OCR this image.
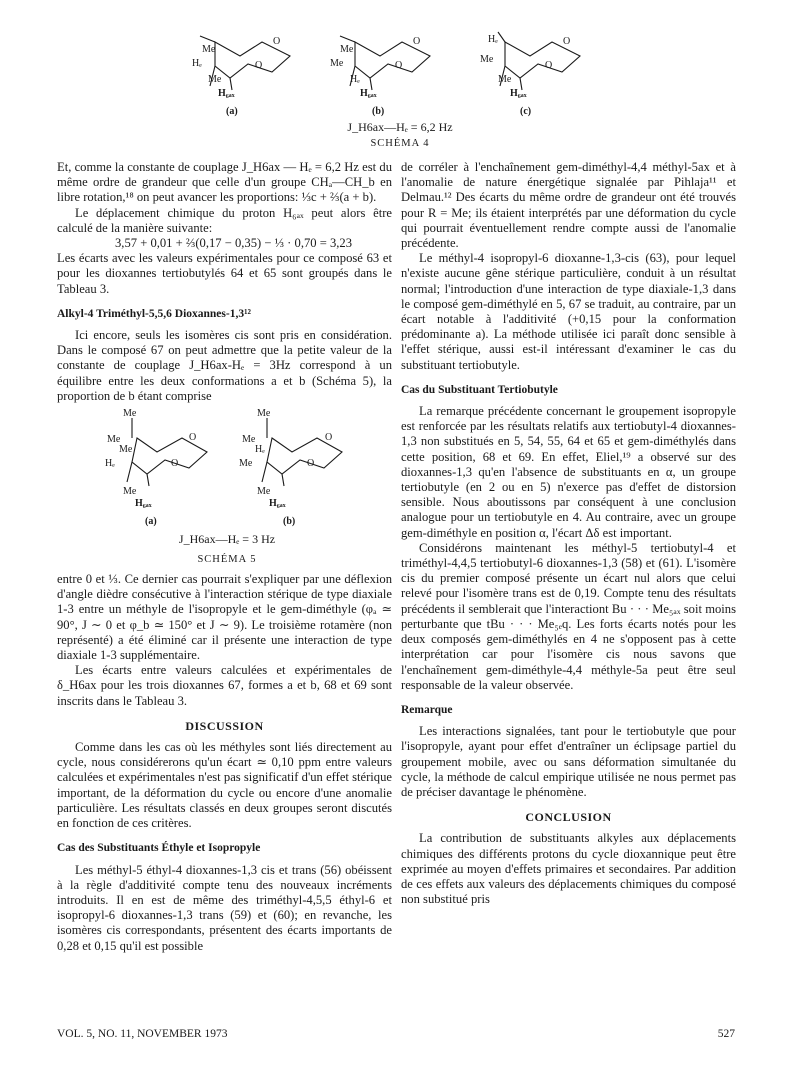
Me
Hₑ
Me
H₆ₐₓ
O
O
Me
Me
Hₑ
H₆ₐₓ
O
O
Hₑ
Me
Me
H₆ₐₓ
O
O
(a)	(b)	(c)
J_H6ax—Hₑ = 6,2 Hz
SCHÉMA 4

Et, comme la constante de couplage J_H6ax — Hₑ = 6,2 Hz est du même ordre de grandeur que celle d'un groupe CHₐ—CH_b en libre rotation,¹⁸ on peut avancer les proportions: ⅓c + ⅔(a + b).

Le déplacement chimique du proton H₆ₐₓ peut alors être calculé de la manière suivante:

3,57 + 0,01 + ⅔(0,17 − 0,35) − ⅓ · 0,70 = 3,23

Les écarts avec les valeurs expérimentales pour ce composé 63 et pour les dioxannes tertiobutylés 64 et 65 sont groupés dans le Tableau 3.

Alkyl-4 Triméthyl-5,5,6 Dioxannes-1,3¹²

Ici encore, seuls les isomères cis sont pris en considération. Dans le composé 67 on peut admettre que la petite valeur de la constante de couplage J_H6ax-Hₑ = 3Hz correspond à un équilibre entre les deux conformations a et b (Schéma 5), la proportion de b étant comprise

Me
Me
Me
Hₑ
Me
H₆ₐₓ
O
O
Me
Me
Hₑ
Me
Me
H₆ₐₓ
O
O
(a)	(b)
J_H6ax—Hₑ = 3 Hz
SCHÉMA 5

entre 0 et ⅓. Ce dernier cas pourrait s'expliquer par une déflexion d'angle dièdre consécutive à l'interaction stérique de type diaxiale 1-3 entre un méthyle de l'isopropyle et le gem-diméthyle (φₐ ≃ 90°, J ∼ 0 et φ_b ≃ 150° et J ∼ 9). Le troisième rotamère (non représenté) a été éliminé car il présente une interaction de type diaxiale 1-3 supplémentaire.

Les écarts entre valeurs calculées et expérimentales de δ_H6ax pour les trois dioxannes 67, formes a et b, 68 et 69 sont inscrits dans le Tableau 3.

DISCUSSION

Comme dans les cas où les méthyles sont liés directement au cycle, nous considérerons qu'un écart ≃ 0,10 ppm entre valeurs calculées et expérimentales n'est pas significatif d'un effet stérique important, de la déformation du cycle ou encore d'une anomalie particulière. Les résultats classés en deux groupes seront discutés en fonction de ces critères.

Cas des Substituants Éthyle et Isopropyle

Les méthyl-5 éthyl-4 dioxannes-1,3 cis et trans (56) obéissent à la règle d'additivité compte tenu des nouveaux incréments introduits. Il en est de même des triméthyl-4,5,5 éthyl-6 et isopropyl-6 dioxannes-1,3 trans (59) et (60); en revanche, les isomères cis correspondants, présentent des écarts importants de 0,28 et 0,15 qu'il est possible

de corréler à l'enchaînement gem-diméthyl-4,4 méthyl-5ax et à l'anomalie de nature énergétique signalée par Pihlaja¹¹ et Delmau.¹² Des écarts du même ordre de grandeur ont été trouvés pour R = Me; ils étaient interprétés par une déformation du cycle qui pourrait éventuellement rendre compte aussi de l'anomalie précédente.

Le méthyl-4 isopropyl-6 dioxanne-1,3-cis (63), pour lequel n'existe aucune gêne stérique particulière, conduit à un résultat normal; l'introduction d'une interaction de type diaxiale-1,3 dans le composé gem-diméthylé en 5, 67 se traduit, au contraire, par un écart notable à l'additivité (+0,15 pour la conformation prédominante a). La méthode utilisée ici paraît donc sensible à l'effet stérique, aussi est-il intéressant d'examiner le cas du substituant tertiobutyle.

Cas du Substituant Tertiobutyle

La remarque précédente concernant le groupement isopropyle est renforcée par les résultats relatifs aux tertiobutyl-4 dioxannes-1,3 non substitués en 5, 54, 55, 64 et 65 et gem-diméthylés dans cette position, 68 et 69. En effet, Eliel,¹⁹ a observé sur des dioxannes-1,3 qu'en l'absence de substituants en α, un groupe tertiobutyle (en 2 ou en 5) n'exerce pas d'effet de distorsion sensible. Nous aboutissons par conséquent à une conclusion analogue pour un tertiobutyle en 4. Au contraire, avec un groupe gem-diméthyle en position α, l'écart Δδ est important.

Considérons maintenant les méthyl-5 tertiobutyl-4 et triméthyl-4,4,5 tertiobutyl-6 dioxannes-1,3 (58) et (61). L'isomère cis du premier composé présente un écart nul alors que celui relevé pour l'isomère trans est de 0,19. Compte tenu des résultats précédents il semblerait que l'interactiont Bu · · · Me₅ₐₓ soit moins perturbante que tBu · · · Me₅ₑq. Les forts écarts notés pour les deux composés gem-diméthylés en 4 ne s'opposent pas à cette interprétation car pour l'isomère cis nous savons que l'enchaînement gem-diméthyle-4,4 méthyle-5a peut être seul responsable de la valeur observée.

Remarque

Les interactions signalées, tant pour le tertiobutyle que pour l'isopropyle, ayant pour effet d'entraîner un éclipsage partiel du groupement mobile, avec ou sans déformation simultanée du cycle, la méthode de calcul empirique utilisée ne nous permet pas de préciser davantage le phénomène.

CONCLUSION

La contribution de substituants alkyles aux déplacements chimiques des différents protons du cycle dioxannique peut être exprimée au moyen d'effets primaires et secondaires. Par addition de ces effets aux valeurs des déplacements chimiques du composé non substitué pris

VOL. 5, NO. 11, NOVEMBER 1973	527
